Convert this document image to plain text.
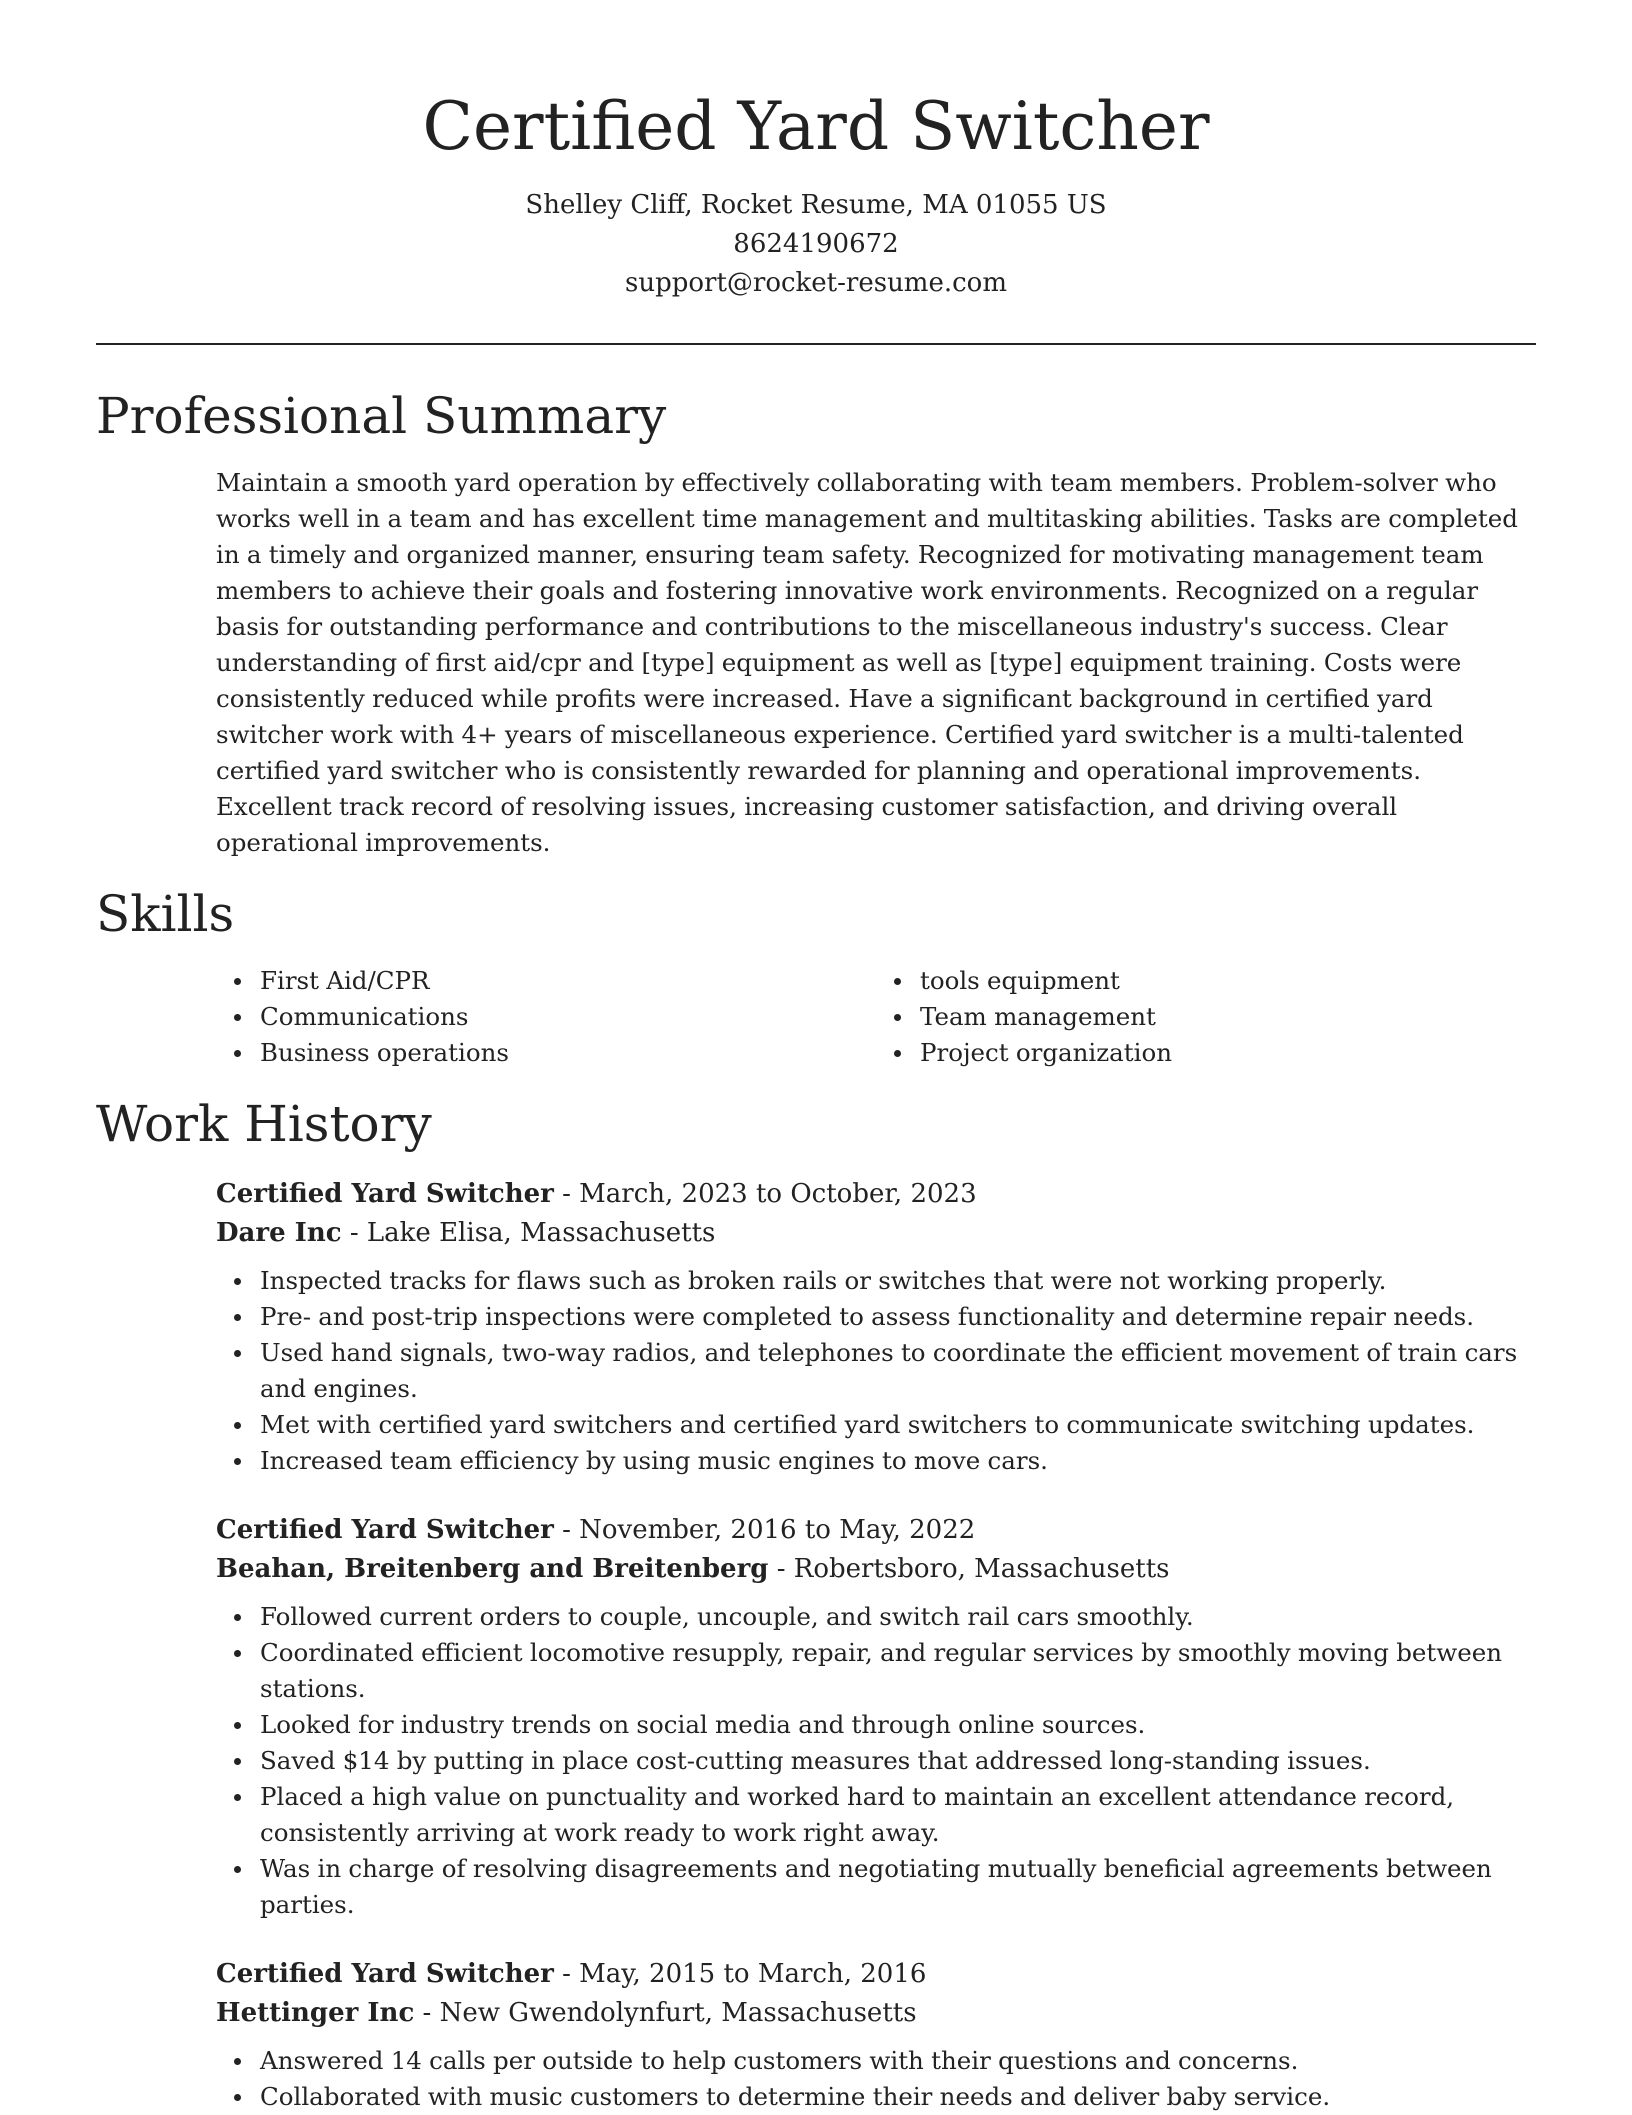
Certified Yard Switcher
Shelley Cliff, Rocket Resume, MA 01055 US
8624190672
support@rocket-resume.com
Professional Summary

Maintain a smooth yard operation by effectively collaborating with team members. Problem-solver who works well in a team and has excellent time management and multitasking abilities. Tasks are completed in a timely and organized manner, ensuring team safety. Recognized for motivating management team members to achieve their goals and fostering innovative work environments. Recognized on a regular basis for outstanding performance and contributions to the miscellaneous industry's success. Clear understanding of first aid/cpr and [type] equipment as well as [type] equipment training. Costs were consistently reduced while profits were increased. Have a significant background in certified yard switcher work with 4+ years of miscellaneous experience. Certified yard switcher is a multi-talented certified yard switcher who is consistently rewarded for planning and operational improvements. Excellent track record of resolving issues, increasing customer satisfaction, and driving overall operational improvements.

Skills
First Aid/CPR
Communications
Business operations
tools equipment
Team management
Project organization
Work History
Certified Yard Switcher - March, 2023 to October, 2023
Dare Inc - Lake Elisa, Massachusetts
Inspected tracks for flaws such as broken rails or switches that were not working properly.
Pre- and post-trip inspections were completed to assess functionality and determine repair needs.
Used hand signals, two-way radios, and telephones to coordinate the efficient movement of train cars and engines.
Met with certified yard switchers and certified yard switchers to communicate switching updates.
Increased team efficiency by using music engines to move cars.
Certified Yard Switcher - November, 2016 to May, 2022
Beahan, Breitenberg and Breitenberg - Robertsboro, Massachusetts
Followed current orders to couple, uncouple, and switch rail cars smoothly.
Coordinated efficient locomotive resupply, repair, and regular services by smoothly moving between stations.
Looked for industry trends on social media and through online sources.
Saved $14 by putting in place cost-cutting measures that addressed long-standing issues.
Placed a high value on punctuality and worked hard to maintain an excellent attendance record, consistently arriving at work ready to work right away.
Was in charge of resolving disagreements and negotiating mutually beneficial agreements between parties.
Certified Yard Switcher - May, 2015 to March, 2016
Hettinger Inc - New Gwendolynfurt, Massachusetts
Answered 14 calls per outside to help customers with their questions and concerns.
Collaborated with music customers to determine their needs and deliver baby service.
